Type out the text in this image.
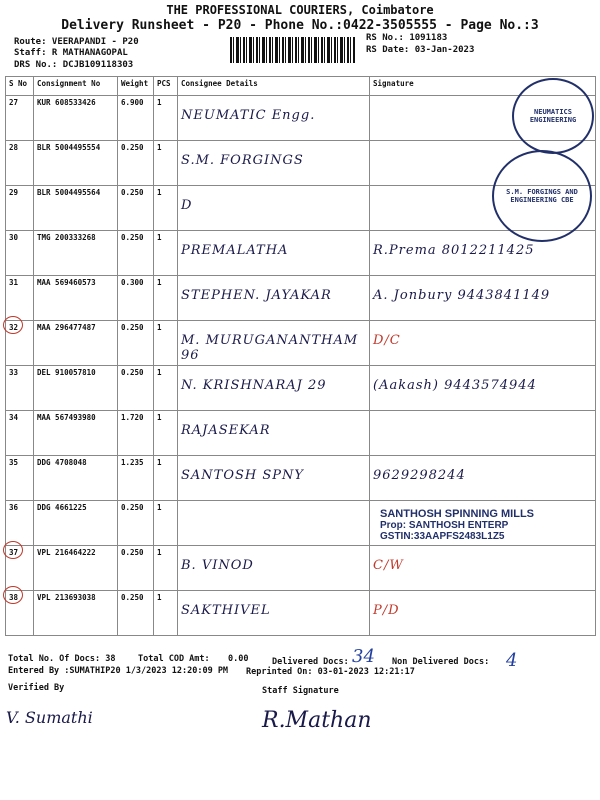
THE PROFESSIONAL COURIERS, Coimbatore
Delivery Runsheet - P20 - Phone No.:0422-3505555 - Page No.:3
Route: VEERAPANDI - P20
Staff: R MATHANAGOPAL
DRS No.: DCJB109118303
RS No.: 1091183
RS Date: 03-Jan-2023
S No	Consignment No	Weight	PCS	Consignee Details	Signature
27	KUR 608533426	6.900	1	NEUMATIC Engg.	

28	BLR 5004495554	0.250	1	S.M. FORGINGS	

29	BLR 5004495564	0.250	1	D	

30	TMG 200333268	0.250	1	PREMALATHA	R.Prema 8012211425

31	MAA 569460573	0.300	1	STEPHEN. JAYAKAR	A. Jonbury 9443841149

32	MAA 296477487	0.250	1	M. MURUGANANTHAM 96	D/C

33	DEL 910057810	0.250	1	N. KRISHNARAJ 29	(Aakash) 9443574944

34	MAA 567493980	1.720	1	RAJASEKAR	

35	DDG 4708048	1.235	1	SANTOSH SPNY	9629298244

36	DDG 4661225	0.250	1	

37	VPL 216464222	0.250	1	B. VINOD	C/W

38	VPL 213693038	0.250	1	SAKTHIVEL	P/D
NEUMATICS ENGINEERING
S.M. FORGINGS AND ENGINEERING CBE
SANTHOSH SPINNING MILLS
Prop: SANTHOSH ENTERP
GSTIN:33AAPFS2483L1Z5
Total No. Of Docs: 38	Total COD Amt: 0.00	Delivered Docs: 34 Non Delivered Docs: 4
Entered By :SUMATHIP20 1/3/2023 12:20:09 PM Reprinted On: 03-01-2023 12:21:17
Verified By	Staff Signature
V. Sumathi	R.Mathan
